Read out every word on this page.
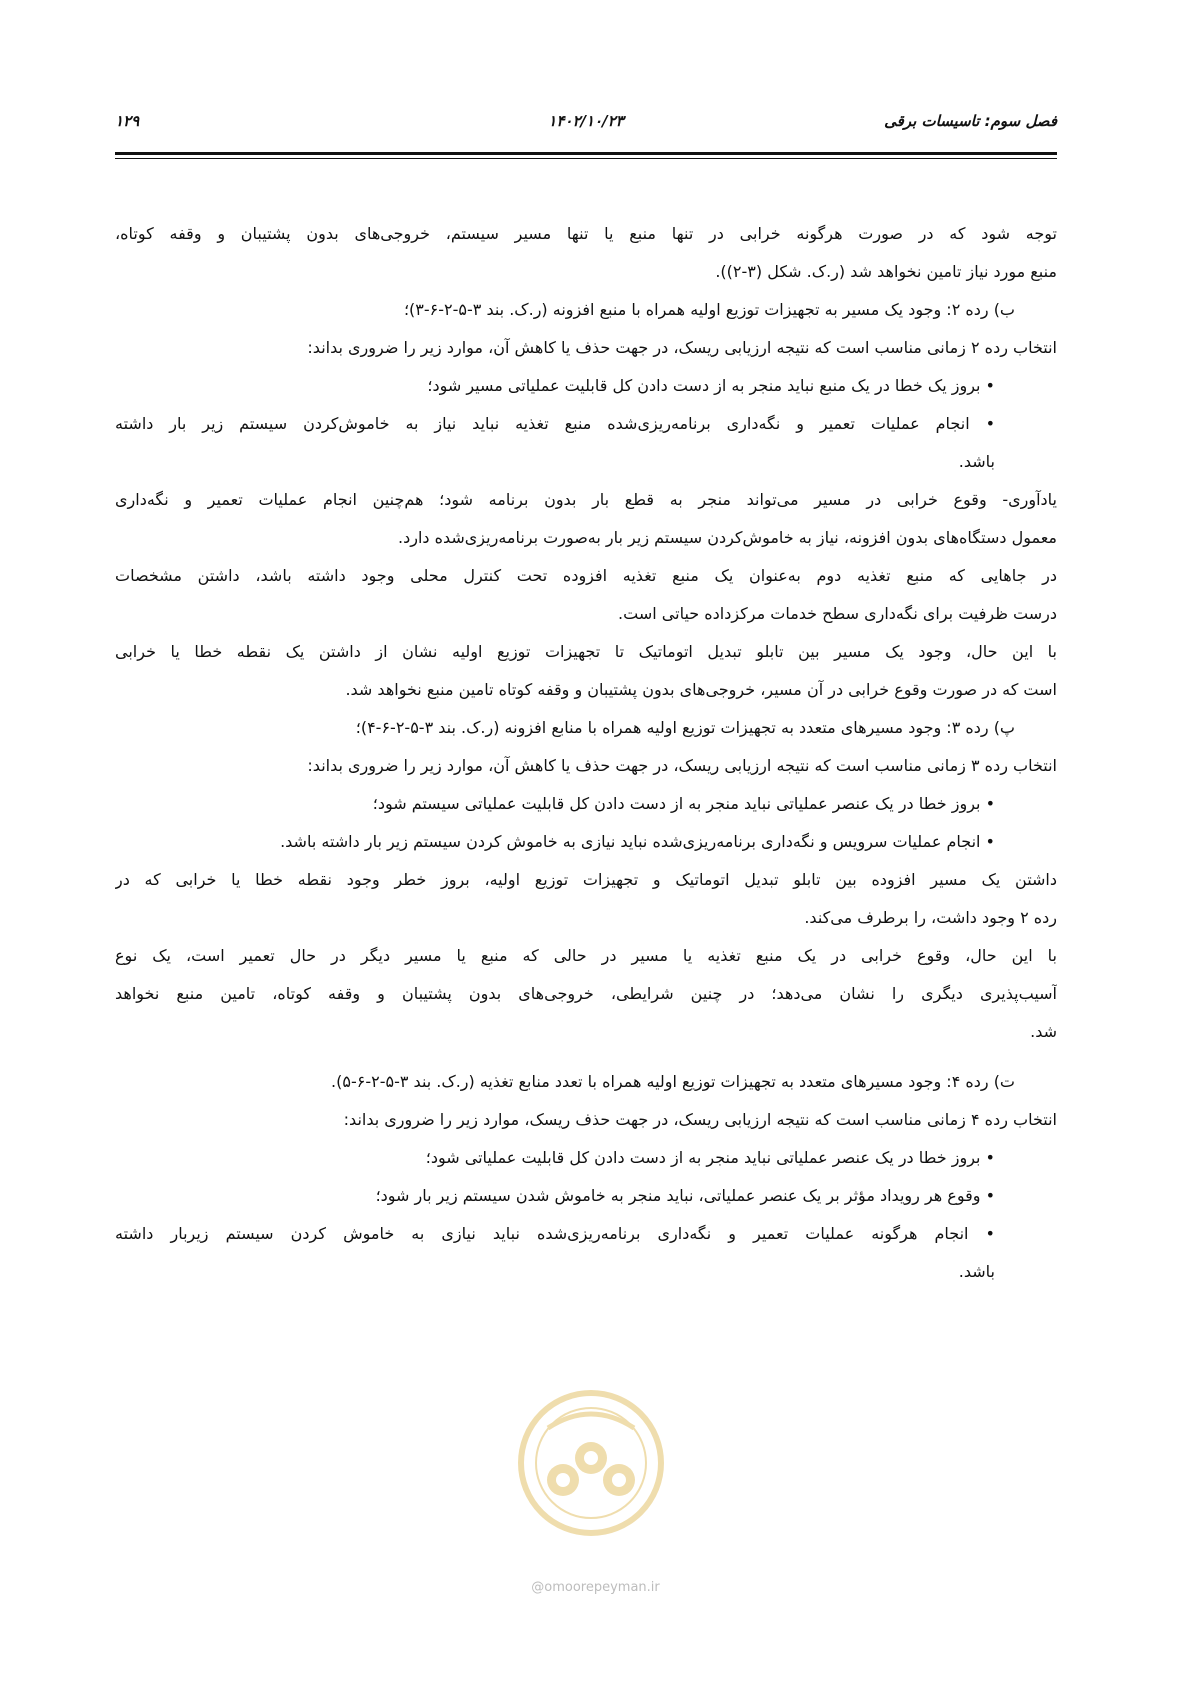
فصل سوم: تاسیسات برقی
۱۴۰۲/۱۰/۲۳
۱۲۹
توجه شود که در صورت هرگونه خرابی در تنها منبع یا تنها مسیر سیستم، خروجی‌های بدون پشتیبان و وقفه کوتاه،
منبع مورد نیاز تامین نخواهد شد (ر.ک. شکل (۳-۲)).
ب) رده ۲: وجود یک مسیر به تجهیزات توزیع اولیه همراه با منبع افزونه (ر.ک. بند ۳-۵-۲-۶-۳)؛
انتخاب رده ۲ زمانی مناسب است که نتیجه ارزیابی ریسک، در جهت حذف یا کاهش آن، موارد زیر را ضروری بداند:
• بروز یک خطا در یک منبع نباید منجر به از دست دادن کل قابلیت عملیاتی مسیر شود؛
• انجام عملیات تعمیر و نگه‌داری برنامه‌ریزی‌شده منبع تغذیه نباید نیاز به خاموش‌کردن سیستم زیر بار داشته
باشد.
یادآوری- وقوع خرابی در مسیر می‌تواند منجر به قطع بار بدون برنامه شود؛ هم‌چنین انجام عملیات تعمیر و نگه‌داری
معمول دستگاه‌های بدون افزونه، نیاز به خاموش‌کردن سیستم زیر بار به‌صورت برنامه‌ریزی‌شده دارد.
در جاهایی که منبع تغذیه دوم به‌عنوان یک منبع تغذیه افزوده تحت کنترل محلی وجود داشته باشد، داشتن مشخصات
درست ظرفیت برای نگه‌داری سطح خدمات مرکزداده حیاتی است.
با این حال، وجود یک مسیر بین تابلو تبدیل اتوماتیک تا تجهیزات توزیع اولیه نشان از داشتن یک نقطه خطا یا خرابی
است که در صورت وقوع خرابی در آن مسیر، خروجی‌های بدون پشتیبان و وقفه کوتاه تامین منبع نخواهد شد.
پ) رده ۳: وجود مسیرهای متعدد به تجهیزات توزیع اولیه همراه با منابع افزونه (ر.ک. بند ۳-۵-۲-۶-۴)؛
انتخاب رده ۳ زمانی مناسب است که نتیجه ارزیابی ریسک، در جهت حذف یا کاهش آن، موارد زیر را ضروری بداند:
• بروز خطا در یک عنصر عملیاتی نباید منجر به از دست دادن کل قابلیت عملیاتی سیستم شود؛
• انجام عملیات سرویس و نگه‌داری برنامه‌ریزی‌شده نباید نیازی به خاموش کردن سیستم زیر بار داشته باشد.
داشتن یک مسیر افزوده بین تابلو تبدیل اتوماتیک و تجهیزات توزیع اولیه، بروز خطر وجود نقطه خطا یا خرابی که در
رده ۲ وجود داشت، را برطرف می‌کند.
با این حال، وقوع خرابی در یک منبع تغذیه یا مسیر در حالی که منبع یا مسیر دیگر در حال تعمیر است، یک نوع
آسیب‌پذیری دیگری را نشان می‌دهد؛ در چنین شرایطی، خروجی‌های بدون پشتیبان و وقفه کوتاه، تامین منبع نخواهد
شد.
ت) رده ۴: وجود مسیرهای متعدد به تجهیزات توزیع اولیه همراه با تعدد منابع تغذیه (ر.ک. بند ۳-۵-۲-۶-۵).
انتخاب رده ۴ زمانی مناسب است که نتیجه ارزیابی ریسک، در جهت حذف ریسک، موارد زیر را ضروری بداند:
• بروز خطا در یک عنصر عملیاتی نباید منجر به از دست دادن کل قابلیت عملیاتی شود؛
• وقوع هر رویداد مؤثر بر یک عنصر عملیاتی، نباید منجر به خاموش شدن سیستم زیر بار شود؛
• انجام هرگونه عملیات تعمیر و نگه‌داری برنامه‌ریزی‌شده نباید نیازی به خاموش کردن سیستم زیربار داشته
باشد.
@omoorepeyman.ir
